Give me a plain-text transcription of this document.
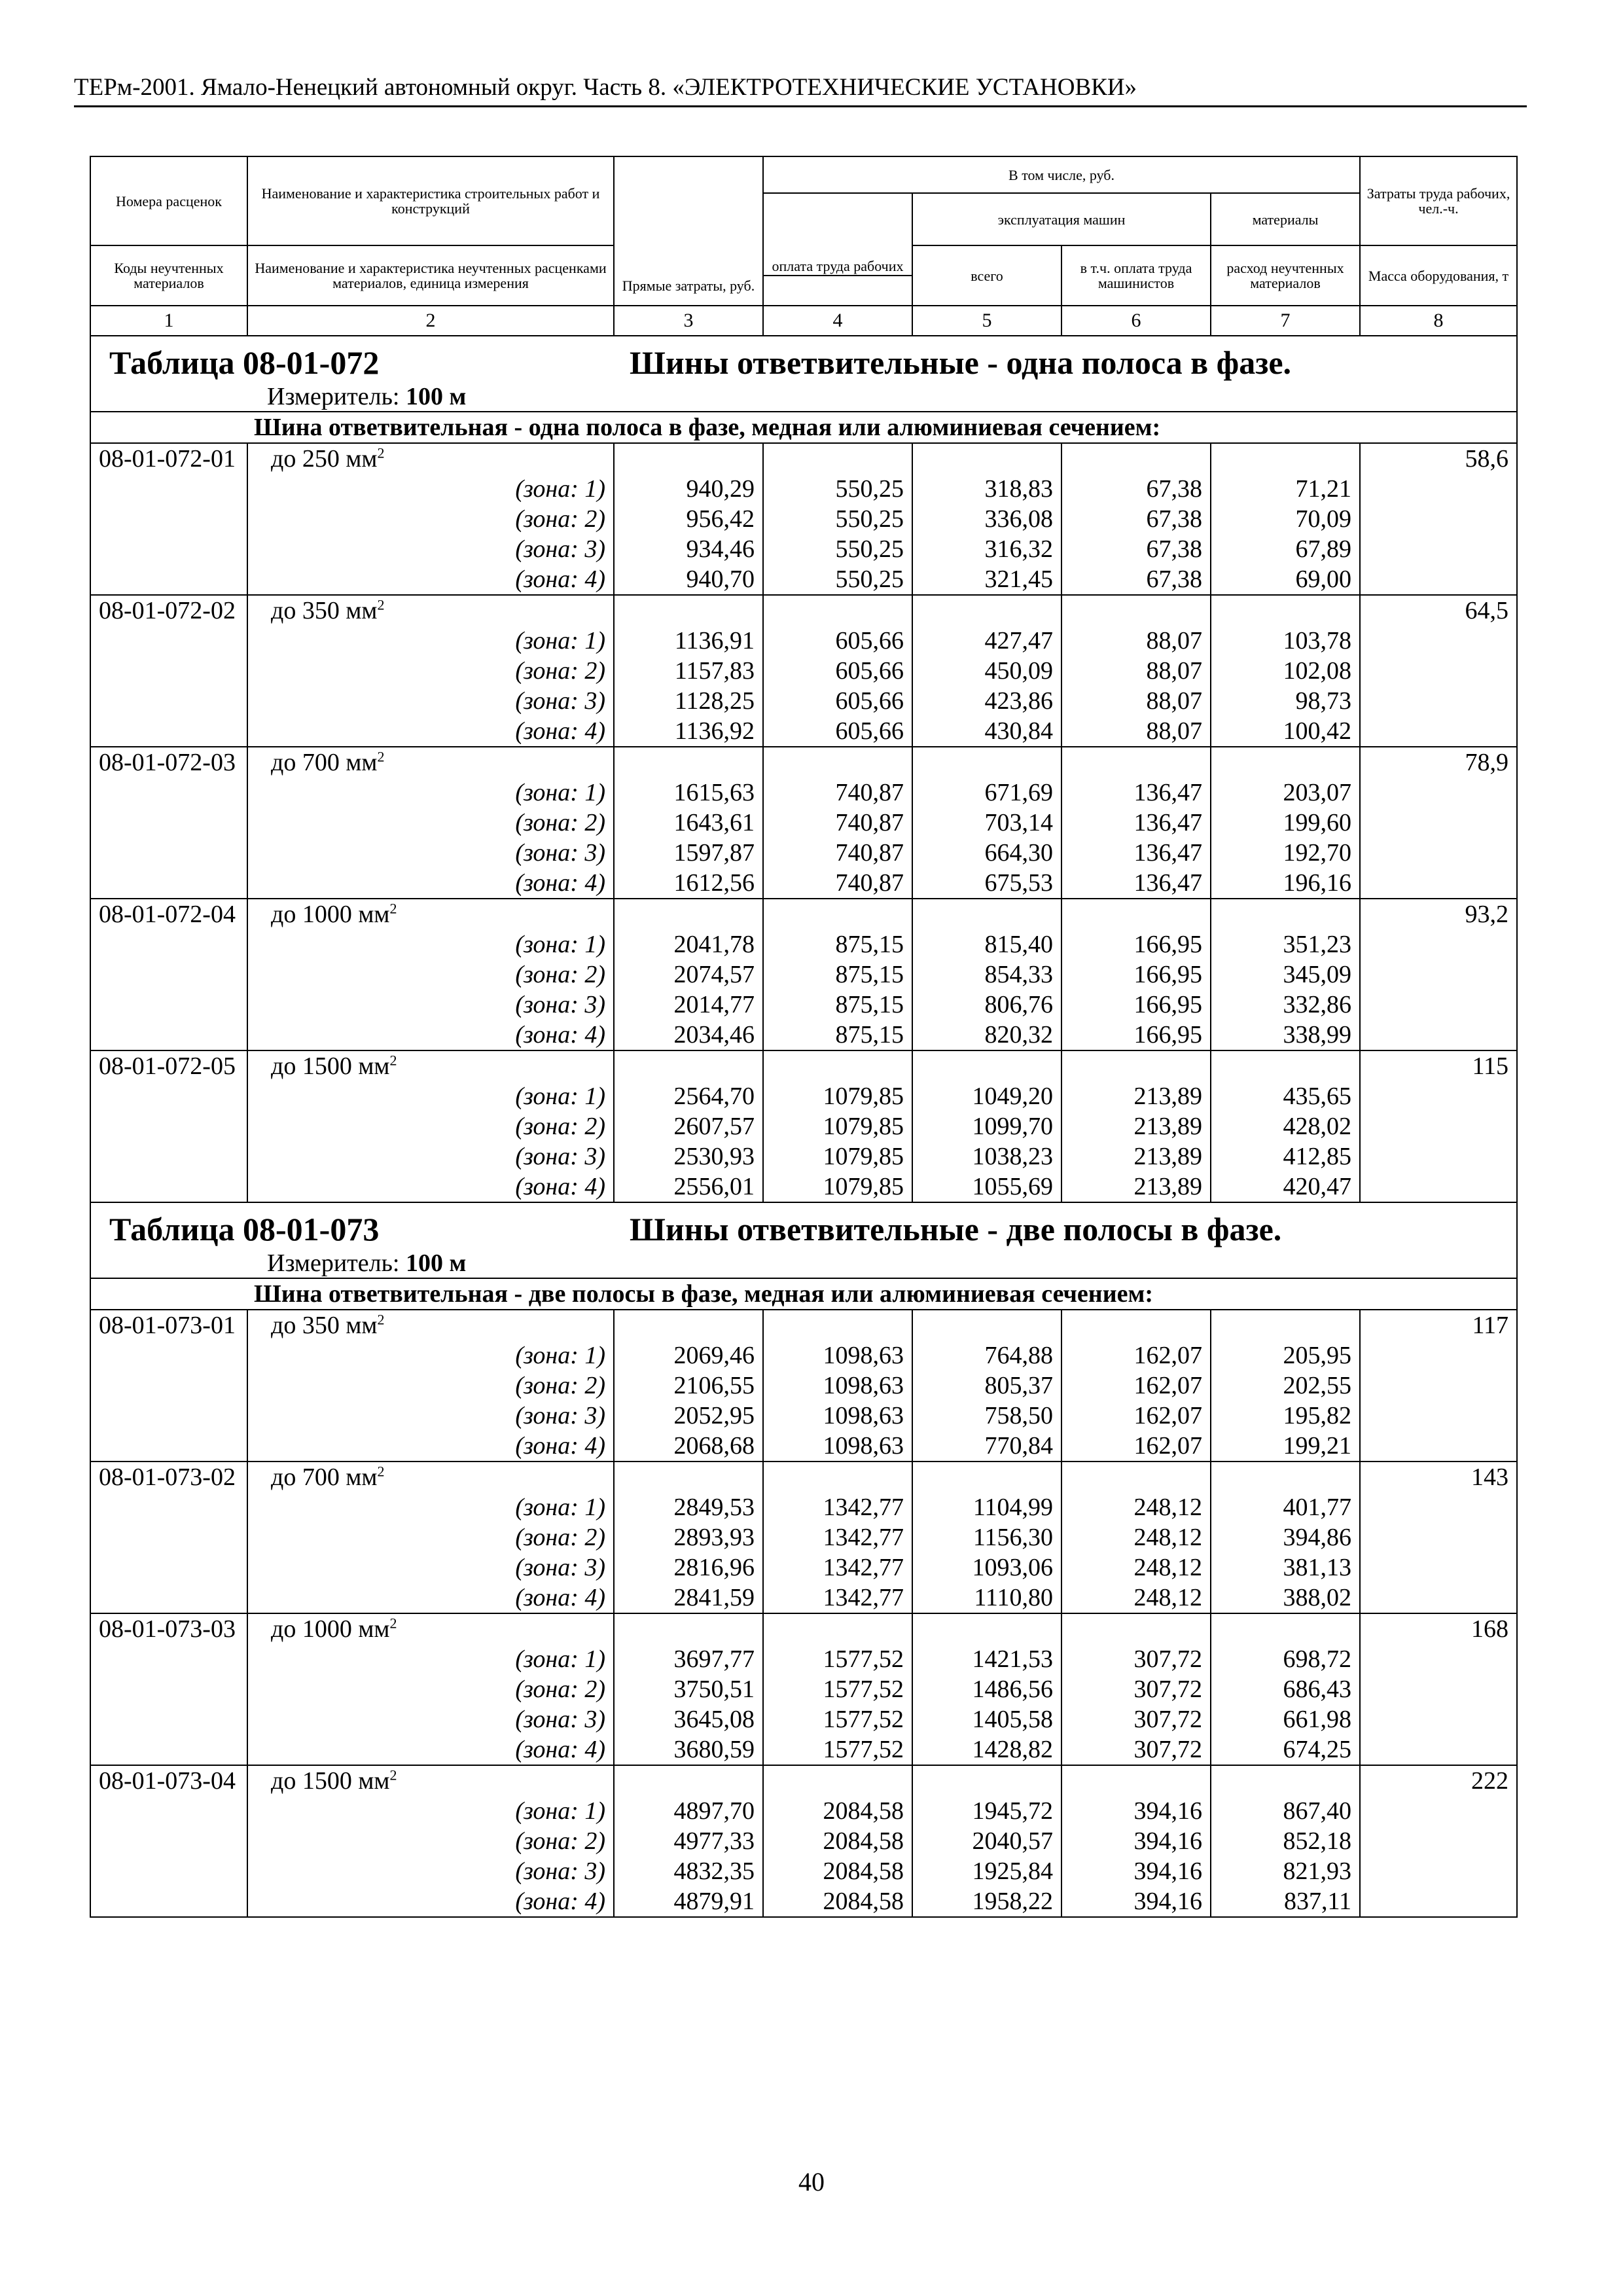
ТЕРм-2001. Ямало-Ненецкий автономный округ. Часть 8. «ЭЛЕКТРОТЕХНИЧЕСКИЕ УСТАНОВКИ»
Номера расценок	Наименование и характеристика строительных работ и конструкций	Прямые затраты, руб.	В том числе, руб.				Затраты труда рабочих, чел.-ч.
			оплата труда рабочих	эксплуатация машин		материалы	

Коды неучтенных материалов	Наименование и характеристика неучтенных расценками материалов, единица измерения			всего	в т.ч. оплата труда машинистов	расход неучтенных материалов	Масса оборудования, т

1	2	3	4	5	6	7	8

Таблица 08-01-072 Шины ответвительные - одна полоса в фазе.
Измеритель: 100 м							

Шина ответвительная - одна полоса в фазе, медная или алюминиевая сечением:							
08-01-072-01	до 250 $мм^2$						58,6
	(зона: 1)	940,29	550,25	318,83	67,38	71,21	
	(зона: 2)	956,42	550,25	336,08	67,38	70,09	
	(зона: 3)	934,46	550,25	316,32	67,38	67,89	
	(зона: 4)	940,70	550,25	321,45	67,38	69,00	
08-01-072-02	до 350 $мм^2$						64,5
	(зона: 1)	1136,91	605,66	427,47	88,07	103,78	
	(зона: 2)	1157,83	605,66	450,09	88,07	102,08	
	(зона: 3)	1128,25	605,66	423,86	88,07	98,73	
	(зона: 4)	1136,92	605,66	430,84	88,07	100,42	
08-01-072-03	до 700 $мм^2$						78,9
	(зона: 1)	1615,63	740,87	671,69	136,47	203,07	
	(зона: 2)	1643,61	740,87	703,14	136,47	199,60	
	(зона: 3)	1597,87	740,87	664,30	136,47	192,70	
	(зона: 4)	1612,56	740,87	675,53	136,47	196,16	
08-01-072-04	до 1000 $мм^2$						93,2
	(зона: 1)	2041,78	875,15	815,40	166,95	351,23	
	(зона: 2)	2074,57	875,15	854,33	166,95	345,09	
	(зона: 3)	2014,77	875,15	806,76	166,95	332,86	
	(зона: 4)	2034,46	875,15	820,32	166,95	338,99	
08-01-072-05	до 1500 $мм^2$						115
	(зона: 1)	2564,70	1079,85	1049,20	213,89	435,65	
	(зона: 2)	2607,57	1079,85	1099,70	213,89	428,02	
	(зона: 3)	2530,93	1079,85	1038,23	213,89	412,85	
	(зона: 4)	2556,01	1079,85	1055,69	213,89	420,47	

Таблица 08-01-073 Шины ответвительные - две полосы в фазе.
Измеритель: 100 м							

Шина ответвительная - две полосы в фазе, медная или алюминиевая сечением:							
08-01-073-01	до 350 $мм^2$						117
	(зона: 1)	2069,46	1098,63	764,88	162,07	205,95	
	(зона: 2)	2106,55	1098,63	805,37	162,07	202,55	
	(зона: 3)	2052,95	1098,63	758,50	162,07	195,82	
	(зона: 4)	2068,68	1098,63	770,84	162,07	199,21	
08-01-073-02	до 700 $мм^2$						143
	(зона: 1)	2849,53	1342,77	1104,99	248,12	401,77	
	(зона: 2)	2893,93	1342,77	1156,30	248,12	394,86	
	(зона: 3)	2816,96	1342,77	1093,06	248,12	381,13	
	(зона: 4)	2841,59	1342,77	1110,80	248,12	388,02	
08-01-073-03	до 1000 $мм^2$						168
	(зона: 1)	3697,77	1577,52	1421,53	307,72	698,72	
	(зона: 2)	3750,51	1577,52	1486,56	307,72	686,43	
	(зона: 3)	3645,08	1577,52	1405,58	307,72	661,98	
	(зона: 4)	3680,59	1577,52	1428,82	307,72	674,25	
08-01-073-04	до 1500 $мм^2$						222
	(зона: 1)	4897,70	2084,58	1945,72	394,16	867,40	
	(зона: 2)	4977,33	2084,58	2040,57	394,16	852,18	
	(зона: 3)	4832,35	2084,58	1925,84	394,16	821,93	
	(зона: 4)	4879,91	2084,58	1958,22	394,16	837,11	
40
